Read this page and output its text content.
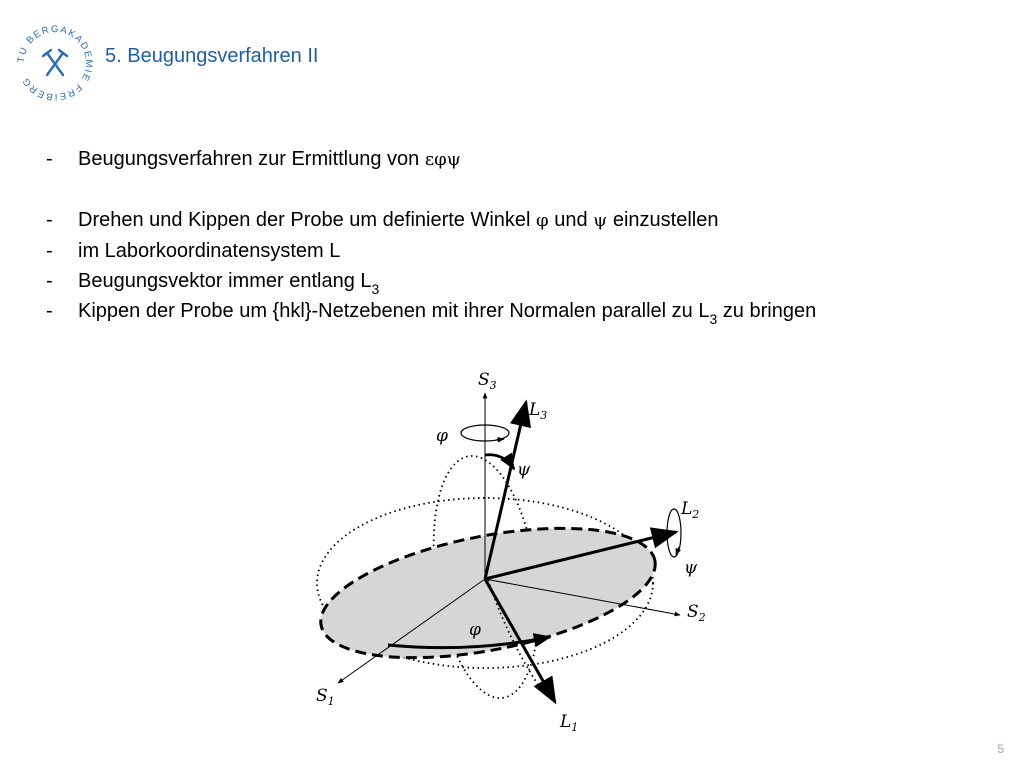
TU BERGAKADEMIE FREIBERG
5. Beugungsverfahren II
-	Beugungsverfahren zur Ermittlung von εφψ
-	Drehen und Kippen der Probe um definierte Winkel φ und ψ einzustellen
-	im Laborkoordinatensystem L
-	Beugungsvektor immer entlang $L_3$
-	Kippen der Probe um {hkl}-Netzebenen mit ihrer Normalen parallel zu $L_3$ zu bringen
$S_3$
$L_3$
$L_2$
$S_2$
$S_1$
$L_1$
φ
ψ
ψ
φ
5
